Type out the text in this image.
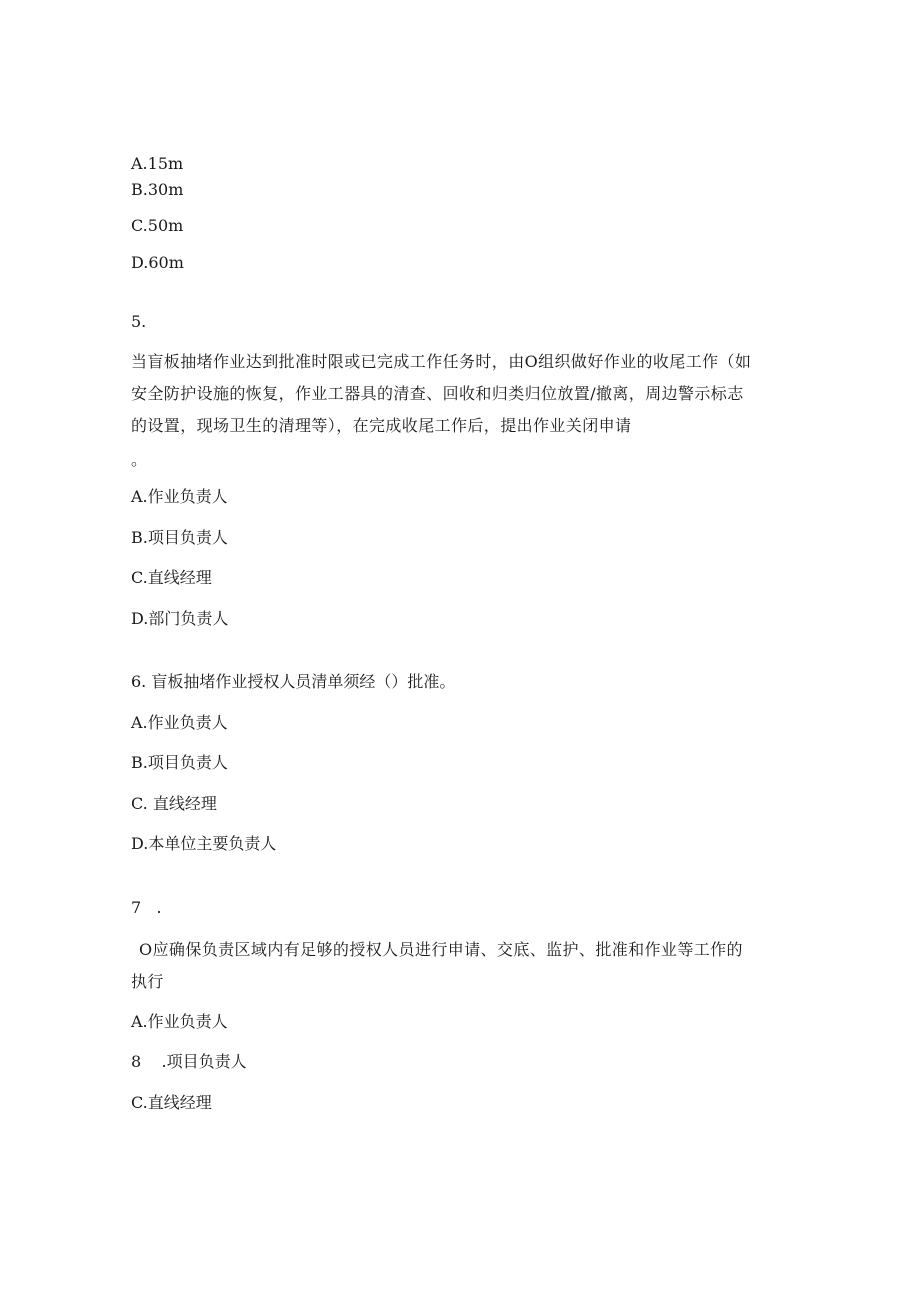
A.15m
B.30m
C.50m
D.60m
5.
当盲板抽堵作业达到批准时限或已完成工作任务时，由O组织做好作业的收尾工作（如
安全防护设施的恢复，作业工器具的清查、回收和归类归位放置/撤离，周边警示标志
的设置，现场卫生的清理等），在完成收尾工作后，提出作业关闭申请
。
A.作业负责人
B.项目负责人
C.直线经理
D.部门负责人
6. 盲板抽堵作业授权人员清单须经（）批准。
A.作业负责人
B.项目负责人
C. 直线经理
D.本单位主要负责人
7   .
O应确保负责区域内有足够的授权人员进行申请、交底、监护、批准和作业等工作的
执行
A.作业负责人
8    .项目负责人
C.直线经理
